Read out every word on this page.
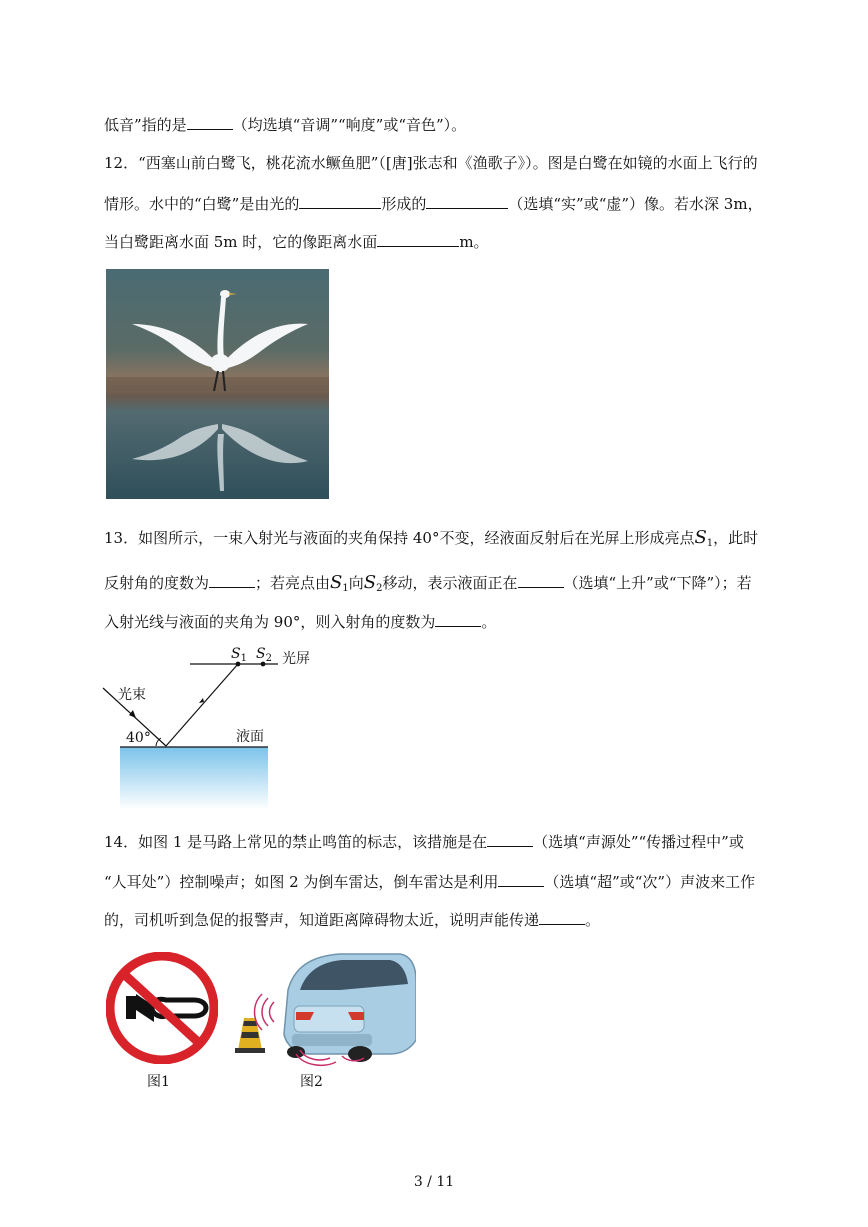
低音”指的是	（均选填“音调”“响度”或“音色”）。
12．“西塞山前白鹭飞，桃花流水鳜鱼肥”（[唐]张志和《渔歌子》）。图是白鹭在如镜的水面上飞行的
情形。水中的“白鹭”是由光的	形成的	（选填“实”或“虚”）像。若水深 3m，
当白鹭距离水面 5m 时，它的像距离水面	m。
13．如图所示，一束入射光与液面的夹角保持 40°不变，经液面反射后在光屏上形成亮点$S_1$，此时
反射角的度数为	；若亮点由$S_1$向$S_2$移动，表示液面正在	（选填“上升”或“下降”）；若
入射光线与液面的夹角为 90°，则入射角的度数为	。
$S_1$ $S_2$ 光屏
光束
40°	液面
14．如图 1 是马路上常见的禁止鸣笛的标志，该措施是在	（选填“声源处”“传播过程中”或
“人耳处”）控制噪声；如图 2 为倒车雷达，倒车雷达是利用	（选填“超”或“次”）声波来工作
的，司机听到急促的报警声，知道距离障碍物太近，说明声能传递	。
图1	图2
3 / 11
